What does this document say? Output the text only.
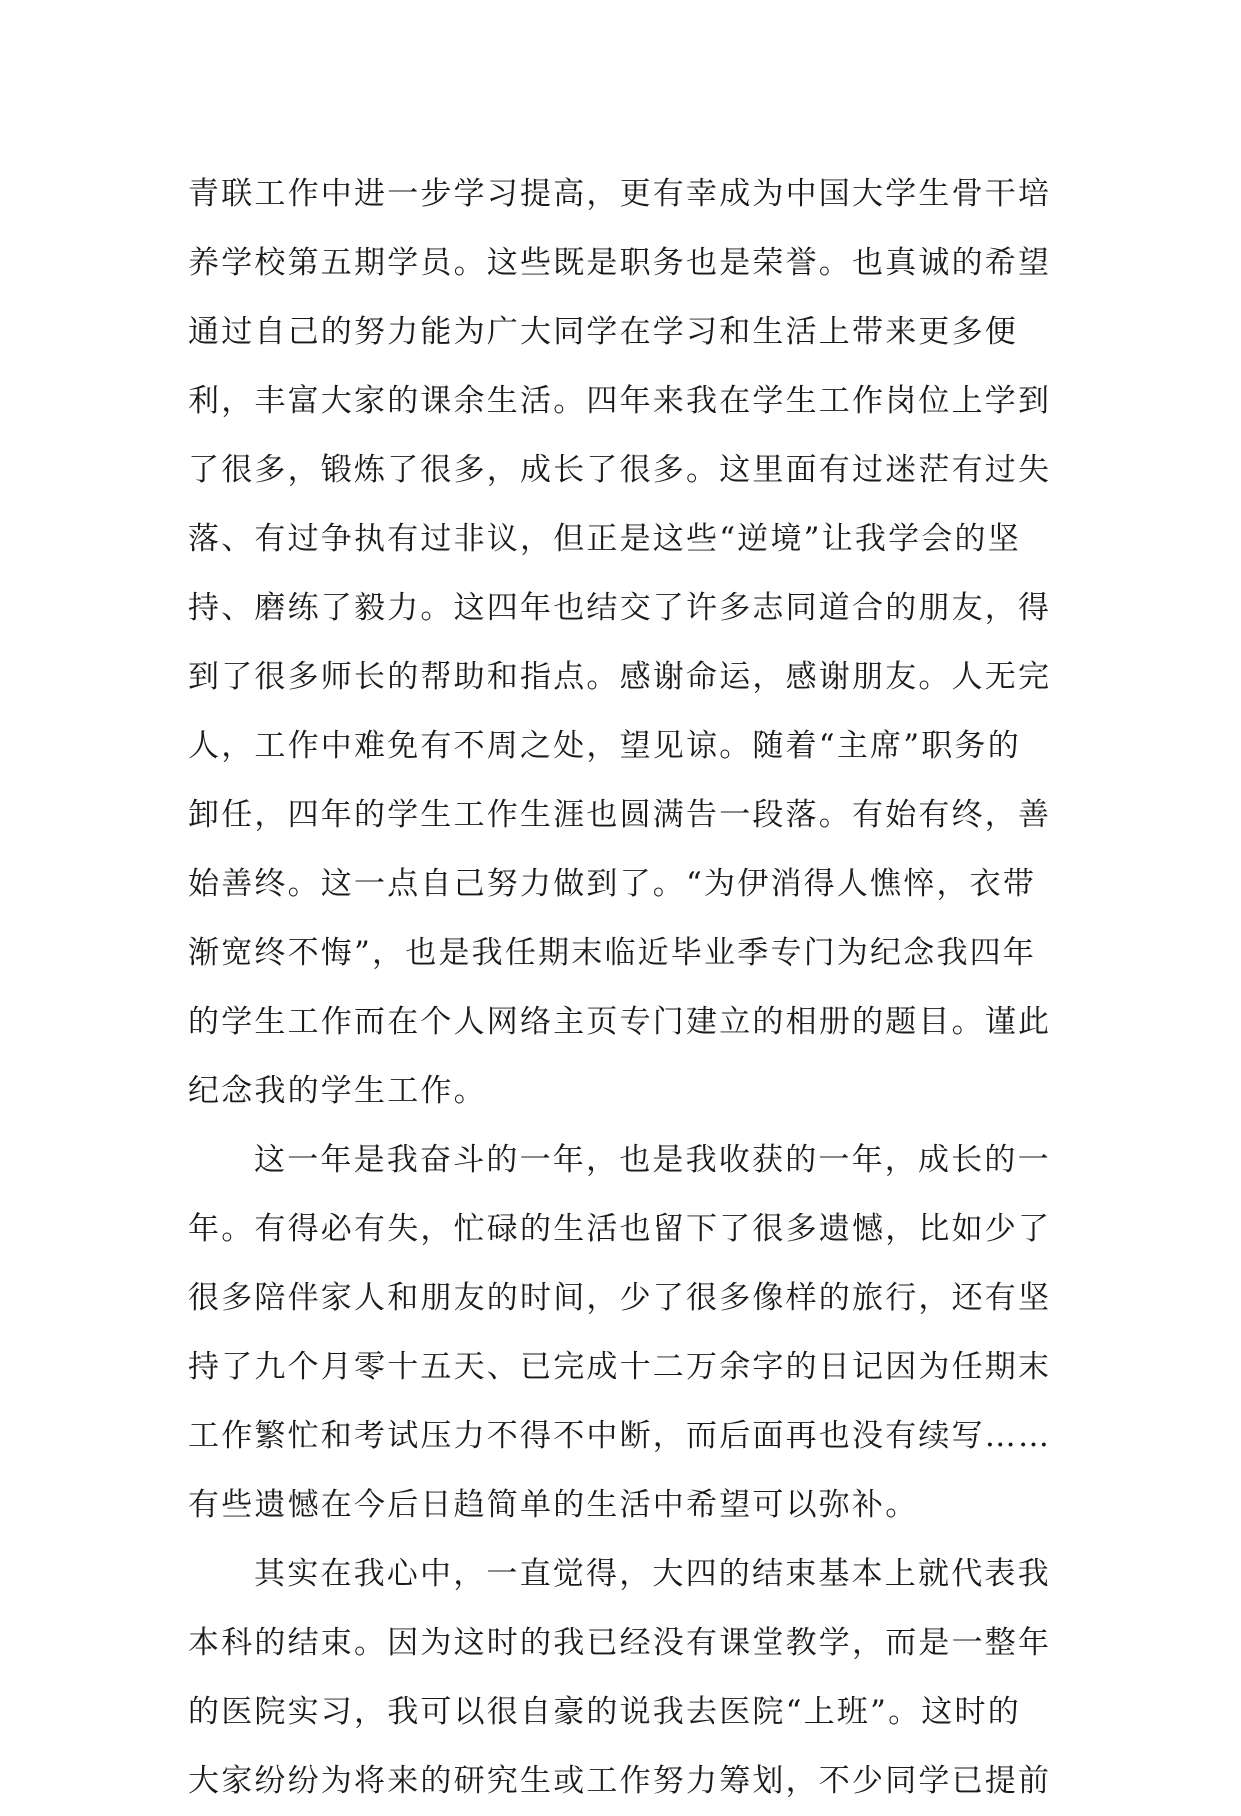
青联工作中进一步学习提高，更有幸成为中国大学生骨干培
养学校第五期学员。这些既是职务也是荣誉。也真诚的希望
通过自己的努力能为广大同学在学习和生活上带来更多便
利，丰富大家的课余生活。四年来我在学生工作岗位上学到
了很多，锻炼了很多，成长了很多。这里面有过迷茫有过失
落、有过争执有过非议，但正是这些“逆境”让我学会的坚
持、磨练了毅力。这四年也结交了许多志同道合的朋友，得
到了很多师长的帮助和指点。感谢命运，感谢朋友。人无完
人，工作中难免有不周之处，望见谅。随着“主席”职务的
卸任，四年的学生工作生涯也圆满告一段落。有始有终，善
始善终。这一点自己努力做到了。“为伊消得人憔悴，衣带
渐宽终不悔”，也是我任期末临近毕业季专门为纪念我四年
的学生工作而在个人网络主页专门建立的相册的题目。谨此
纪念我的学生工作。
这一年是我奋斗的一年，也是我收获的一年，成长的一
年。有得必有失，忙碌的生活也留下了很多遗憾，比如少了
很多陪伴家人和朋友的时间，少了很多像样的旅行，还有坚
持了九个月零十五天、已完成十二万余字的日记因为任期末
工作繁忙和考试压力不得不中断，而后面再也没有续写……
有些遗憾在今后日趋简单的生活中希望可以弥补。
其实在我心中，一直觉得，大四的结束基本上就代表我
本科的结束。因为这时的我已经没有课堂教学，而是一整年
的医院实习，我可以很自豪的说我去医院“上班”。这时的
大家纷纷为将来的研究生或工作努力筹划，不少同学已提前
